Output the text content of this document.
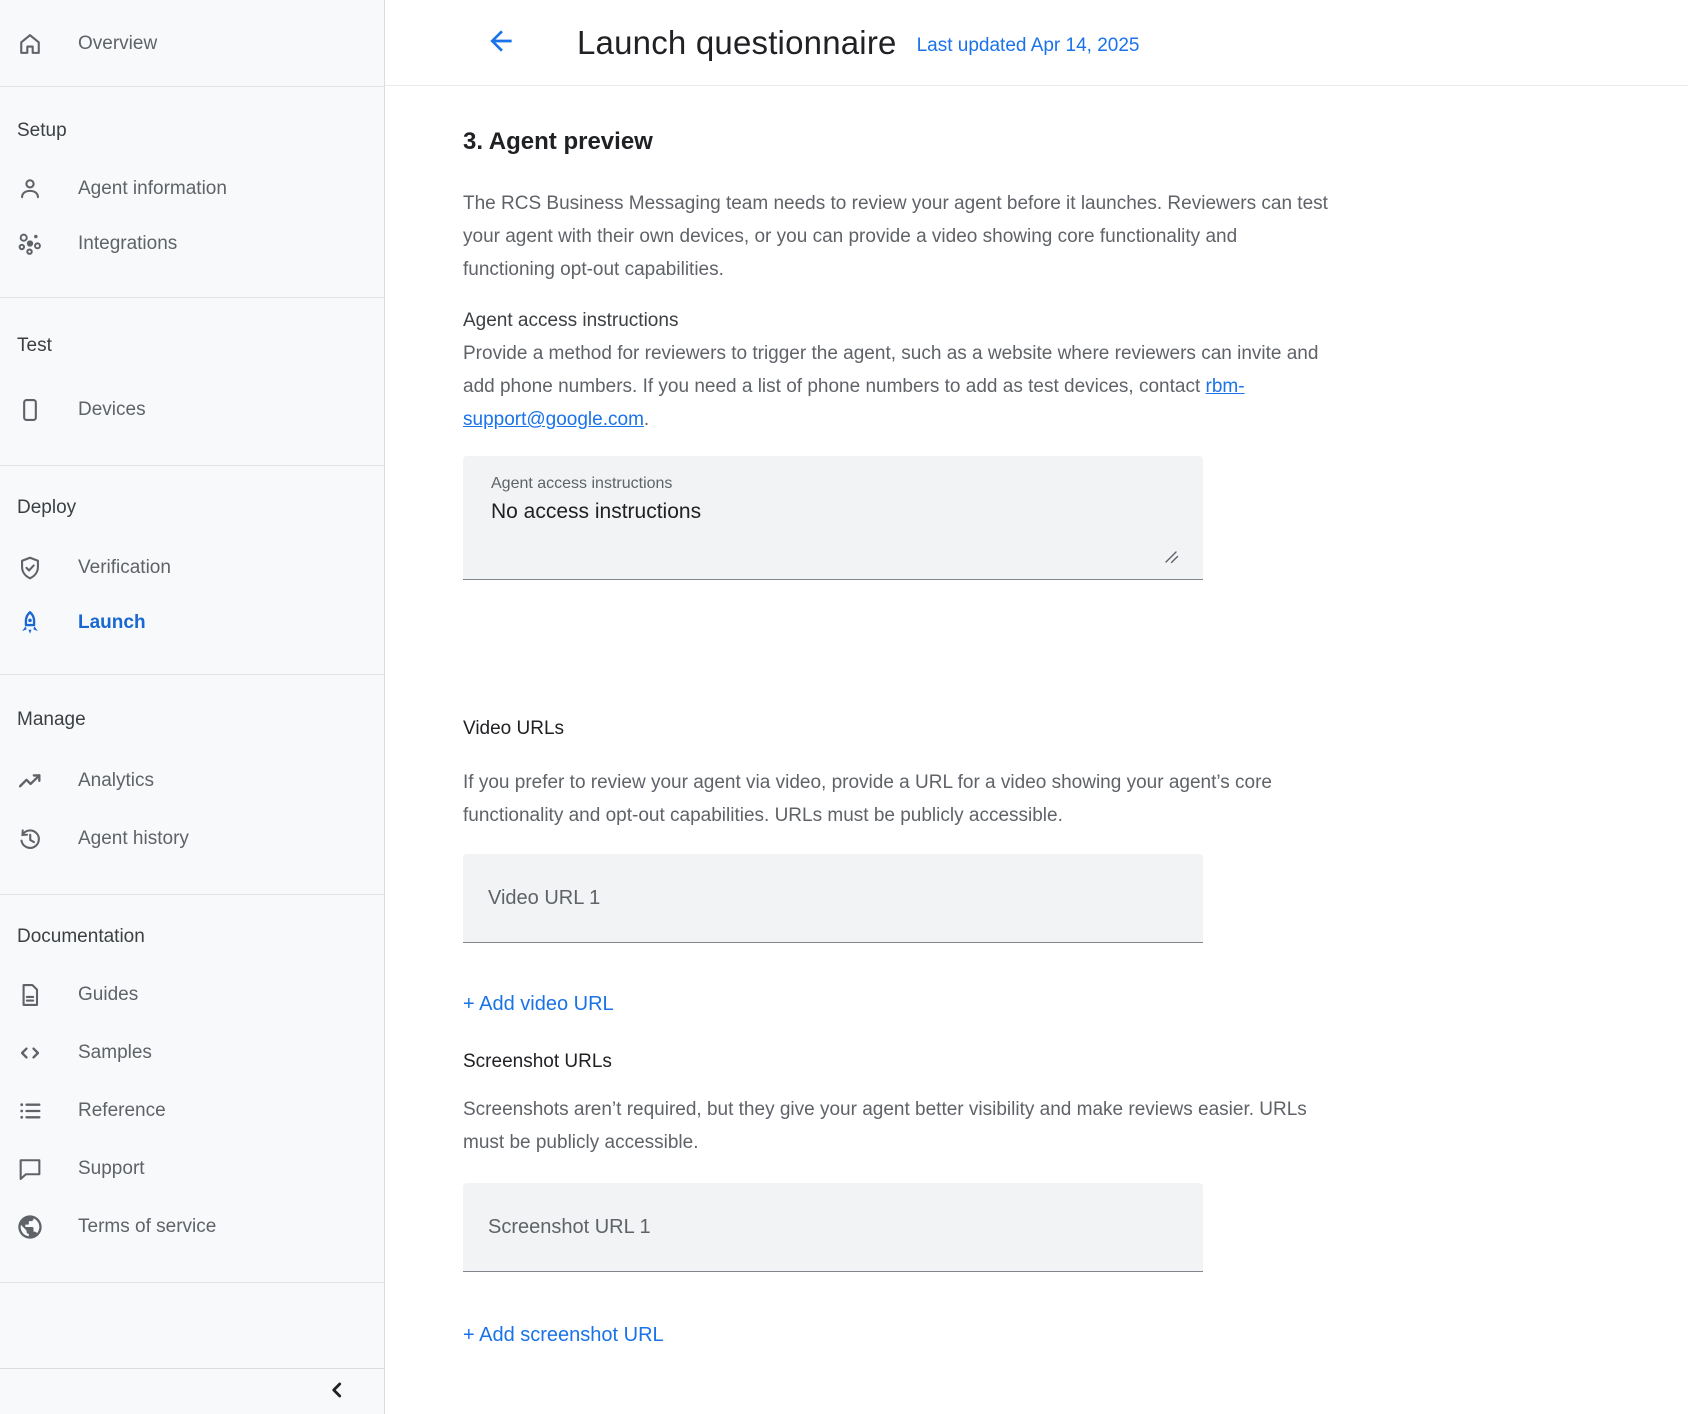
Overview
Setup
Agent information
Integrations
Test
Devices
Deploy
Verification
Launch
Manage
Analytics
Agent history
Documentation
Guides
Samples
Reference
Support
Terms of service
Launch questionnaire Last updated Apr 14, 2025
3. Agent preview

The RCS Business Messaging team needs to review your agent before it launches. Reviewers can test your agent with their own devices, or you can provide a video showing core functionality and functioning opt-out capabilities.

Agent access instructions

Provide a method for reviewers to trigger the agent, such as a website where reviewers can invite and add phone numbers. If you need a list of phone numbers to add as test devices, contact rbm-support@google.com.

Agent access instructions
No access instructions

Video URLs

If you prefer to review your agent via video, provide a URL for a video showing your agent’s core functionality and opt-out capabilities. URLs must be publicly accessible.

Video URL 1
+ Add video URL

Screenshot URLs

Screenshots aren’t required, but they give your agent better visibility and make reviews easier. URLs must be publicly accessible.

Screenshot URL 1
+ Add screenshot URL
